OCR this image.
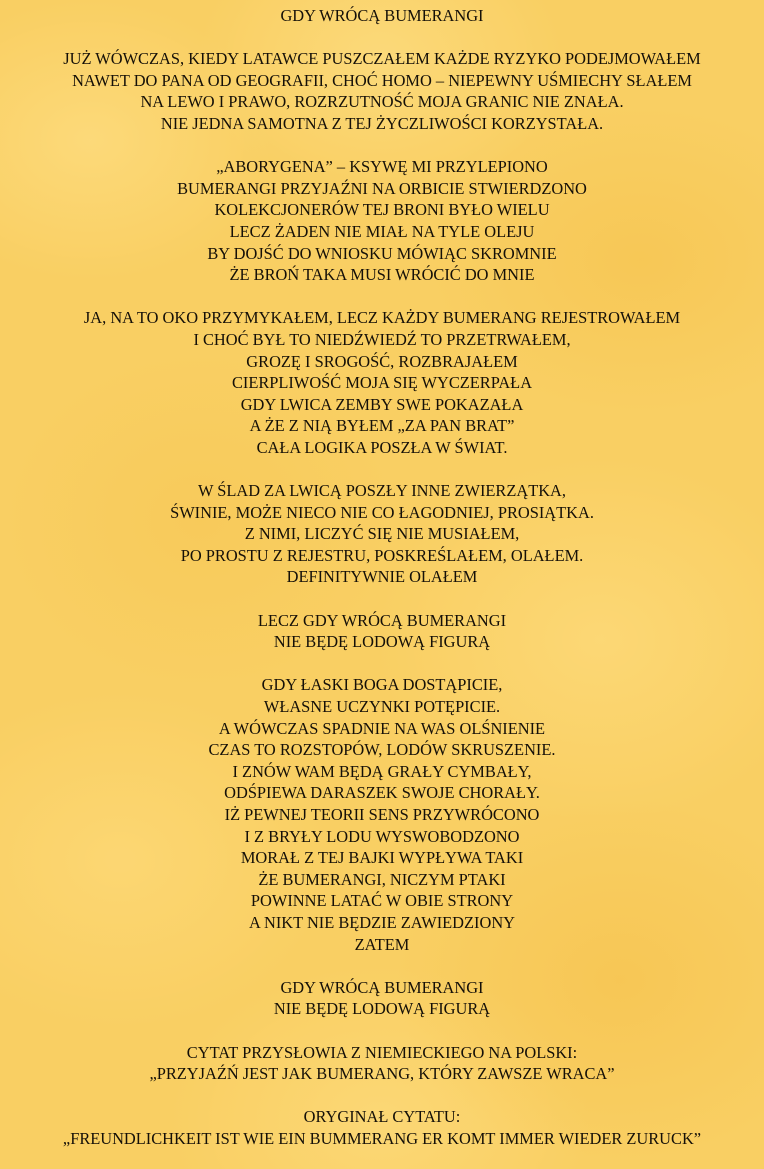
GDY WRÓCĄ BUMERANGI
JUŻ WÓWCZAS, KIEDY LATAWCE PUSZCZAŁEM KAŻDE RYZYKO PODEJMOWAŁEM
NAWET DO PANA OD GEOGRAFII, CHOĆ HOMO – NIEPEWNY UŚMIECHY SŁAŁEM
NA LEWO I PRAWO, ROZRZUTNOŚĆ MOJA GRANIC NIE ZNAŁA.
NIE JEDNA SAMOTNA Z TEJ ŻYCZLIWOŚCI KORZYSTAŁA.
„ABORYGENA” – KSYWĘ MI PRZYLEPIONO
BUMERANGI PRZYJAŹNI NA ORBICIE STWIERDZONO
KOLEKCJONERÓW TEJ BRONI BYŁO WIELU
LECZ ŻADEN NIE MIAŁ NA TYLE OLEJU
BY DOJŚĆ DO WNIOSKU MÓWIĄC SKROMNIE
ŻE BROŃ TAKA MUSI WRÓCIĆ DO MNIE
JA, NA TO OKO PRZYMYKAŁEM, LECZ KAŻDY BUMERANG REJESTROWAŁEM
I CHOĆ BYŁ TO NIEDŹWIEDŹ TO PRZETRWAŁEM,
GROZĘ I SROGOŚĆ, ROZBRAJAŁEM
CIERPLIWOŚĆ MOJA SIĘ WYCZERPAŁA
GDY LWICA ZEMBY SWE POKAZAŁA
A ŻE Z NIĄ BYŁEM „ZA PAN BRAT”
CAŁA LOGIKA POSZŁA W ŚWIAT.
W ŚLAD ZA LWICĄ POSZŁY INNE ZWIERZĄTKA,
ŚWINIE, MOŻE NIECO NIE CO ŁAGODNIEJ, PROSIĄTKA.
Z NIMI, LICZYĆ SIĘ NIE MUSIAŁEM,
PO PROSTU Z REJESTRU, POSKREŚLAŁEM, OLAŁEM.
DEFINITYWNIE OLAŁEM
LECZ GDY WRÓCĄ BUMERANGI
NIE BĘDĘ LODOWĄ FIGURĄ
GDY ŁASKI BOGA DOSTĄPICIE,
WŁASNE UCZYNKI POTĘPICIE.
A WÓWCZAS SPADNIE NA WAS OLŚNIENIE
CZAS TO ROZSTOPÓW, LODÓW SKRUSZENIE.
I ZNÓW WAM BĘDĄ GRAŁY CYMBAŁY,
ODŚPIEWA DARASZEK SWOJE CHORAŁY.
IŻ PEWNEJ TEORII SENS PRZYWRÓCONO
I Z BRYŁY LODU WYSWOBODZONO
MORAŁ Z TEJ BAJKI WYPŁYWA TAKI
ŻE BUMERANGI, NICZYM PTAKI
POWINNE LATAĆ W OBIE STRONY
A NIKT NIE BĘDZIE ZAWIEDZIONY
ZATEM
GDY WRÓCĄ BUMERANGI
NIE BĘDĘ LODOWĄ FIGURĄ
CYTAT PRZYSŁOWIA Z NIEMIECKIEGO NA POLSKI:
„PRZYJAŹŃ JEST JAK BUMERANG, KTÓRY ZAWSZE WRACA”
ORYGINAŁ CYTATU:
„FREUNDLICHKEIT IST WIE EIN BUMMERANG ER KOMT IMMER WIEDER ZURUCK”
